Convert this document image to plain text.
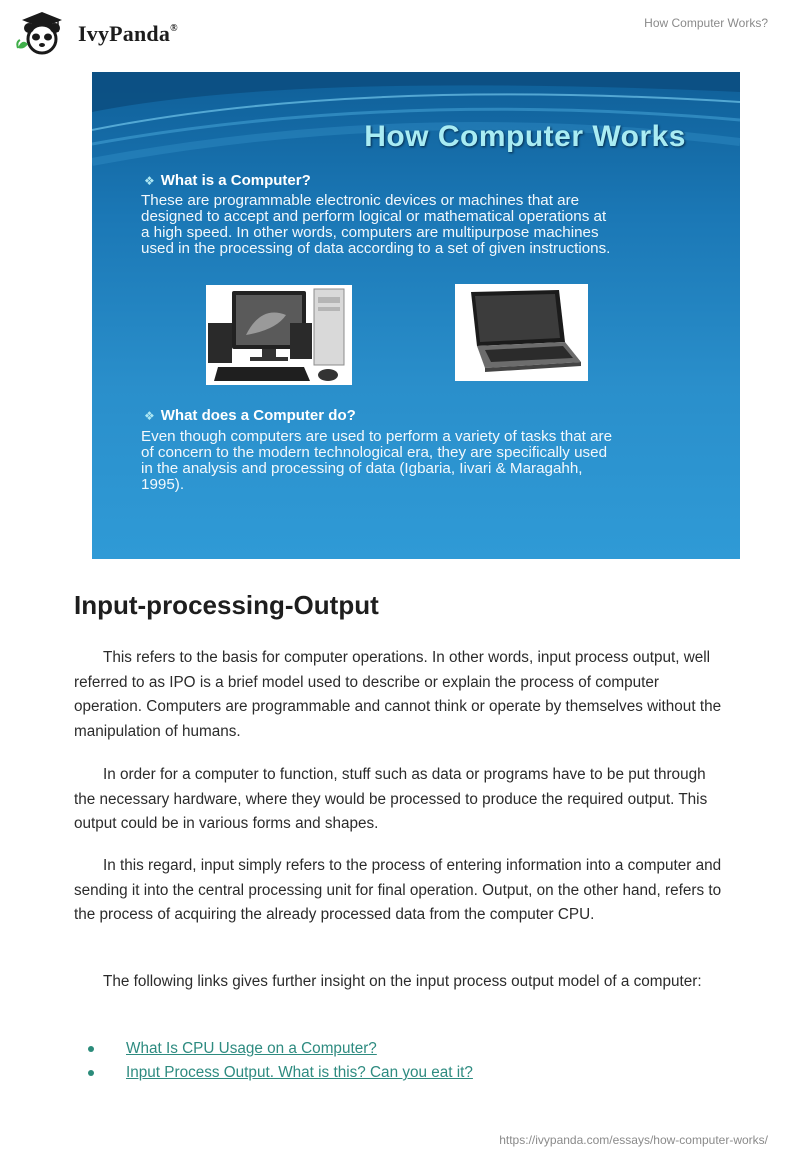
IvyPanda®	How Computer Works?
How Computer Works
❖ What is a Computer?
These are programmable electronic devices or machines that are
designed to accept and perform logical or mathematical operations at
a high speed. In other words, computers are multipurpose machines
used in the processing of data according to a set of given instructions.
❖ What does a Computer do?
Even though computers are used to perform a variety of tasks that are
of concern to the modern technological era, they are specifically used
in the analysis and processing of data (Igbaria, Iivari & Maragahh,
1995).
Input-processing-Output

This refers to the basis for computer operations. In other words, input process output, well referred to as IPO is a brief model used to describe or explain the process of computer operation. Computers are programmable and cannot think or operate by themselves without the manipulation of humans.

In order for a computer to function, stuff such as data or programs have to be put through the necessary hardware, where they would be processed to produce the required output. This output could be in various forms and shapes.

In this regard, input simply refers to the process of entering information into a computer and sending it into the central processing unit for final operation. Output, on the other hand, refers to the process of acquiring the already processed data from the computer CPU.

The following links gives further insight on the input process output model of a computer:

What Is CPU Usage on a Computer?
Input Process Output. What is this? Can you eat it?
https://ivypanda.com/essays/how-computer-works/
